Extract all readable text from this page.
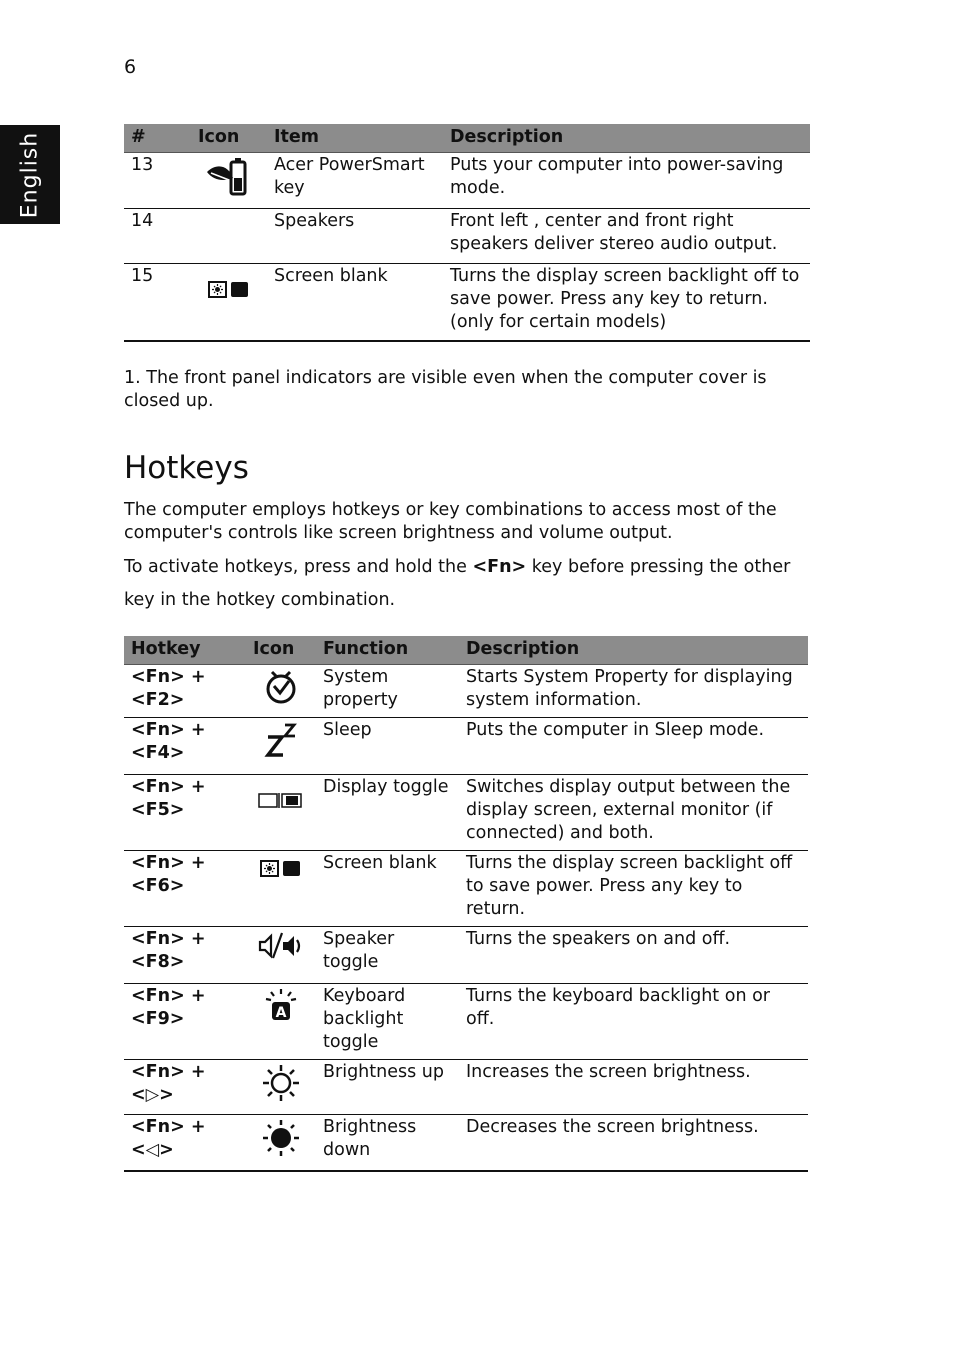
6
English	#	Icon	Item	Description
13		Acer PowerSmart key	Puts your computer into power-saving mode.
14		Speakers	Front left , center and front right speakers deliver stereo audio output.
15		Screen blank	Turns the display screen backlight off to save power. Press any key to return. (only for certain models)
1. The front panel indicators are visible even when the computer cover is closed up.
Hotkeys

The computer employs hotkeys or key combinations to access most of the computer's controls like screen brightness and volume output.

To activate hotkeys, press and hold the <Fn> key before pressing the other key in the hotkey combination.

Hotkey	Icon	Function	Description
<Fn> + <F2>		System property	Starts System Property for displaying system information.
<Fn> + <F4>		Sleep	Puts the computer in Sleep mode.
<Fn> + <F5>		Display toggle	Switches display output between the display screen, external monitor (if connected) and both.
<Fn> + <F6>		Screen blank	Turns the display screen backlight off to save power. Press any key to return.
<Fn> + <F8>		Speaker toggle	Turns the speakers on and off.
<Fn> + <F9>	A	Keyboard backlight toggle	Turns the keyboard backlight on or off.
<Fn> + <▷>		Brightness up	Increases the screen brightness.
<Fn> + <◁>		Brightness down	Decreases the screen brightness.
